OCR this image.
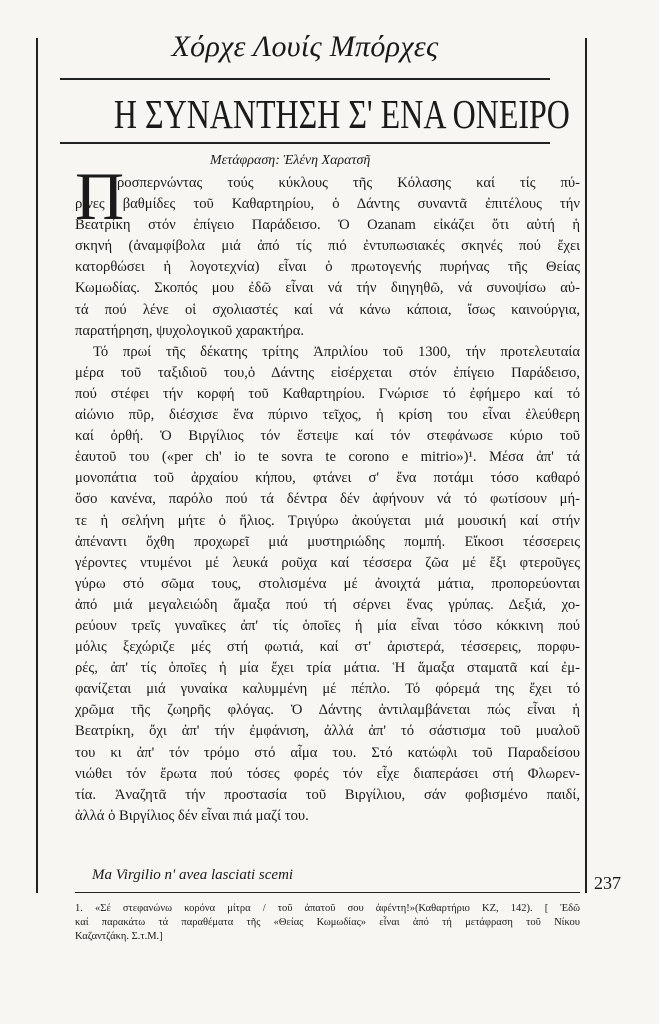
Χόρχε Λουίς Μπόρχες
Η ΣΥΝΑΝΤΗΣΗ Σ' ΕΝΑ ΟΝΕΙΡΟ
Μετάφραση: Ἑλένη Χαρατσῆ
Π
ροσπερνώντας τούς κύκλους τῆς Κόλασης καί τίς πύ-
ρινες βαθμίδες τοῦ Καθαρτηρίου, ὁ Δάντης συναντᾶ ἐπιτέλους τήν
Βεατρίκη στόν ἐπίγειο Παράδεισο. Ὁ Ozanam εἰκάζει ὅτι αὐτή ἡ
σκηνή (ἀναμφίβολα μιά ἀπό τίς πιό ἐντυπωσιακές σκηνές πού ἔχει
κατορθώσει ἡ λογοτεχνία) εἶναι ὁ πρωτογενής πυρήνας τῆς Θείας
Κωμωδίας. Σκοπός μου ἐδῶ εἶναι νά τήν διηγηθῶ, νά συνοψίσω αὐ-
τά πού λένε οἱ σχολιαστές καί νά κάνω κάποια, ἴσως καινούργια,
παρατήρηση, ψυχολογικοῦ χαρακτήρα.
Τό πρωί τῆς δέκατης τρίτης Ἀπριλίου τοῦ 1300, τήν προτελευταία
μέρα τοῦ ταξιδιοῦ του,ὁ Δάντης εἰσέρχεται στόν ἐπίγειο Παράδεισο,
πού στέφει τήν κορφή τοῦ Καθαρτηρίου. Γνώρισε τό ἐφήμερο καί τό
αἰώνιο πῦρ, διέσχισε ἕνα πύρινο τεῖχος, ἡ κρίση του εἶναι ἐλεύθερη
καί ὀρθή. Ὁ Βιργίλιος τόν ἔστεψε καί τόν στεφάνωσε κύριο τοῦ
ἑαυτοῦ του («per ch' io te sovra te corono e mitrio»)¹. Μέσα ἀπ' τά
μονοπάτια τοῦ ἀρχαίου κήπου, φτάνει σ' ἕνα ποτάμι τόσο καθαρό
ὅσο κανένα, παρόλο πού τά δέντρα δέν ἀφήνουν νά τό φωτίσουν μή-
τε ἡ σελήνη μήτε ὁ ἥλιος. Τριγύρω ἀκούγεται μιά μουσική καί στήν
ἀπέναντι ὄχθη προχωρεῖ μιά μυστηριώδης πομπή. Εἴκοσι τέσσερεις
γέροντες ντυμένοι μέ λευκά ροῦχα καί τέσσερα ζῶα μέ ἔξι φτεροῦγες
γύρω στό σῶμα τους, στολισμένα μέ ἀνοιχτά μάτια, προπορεύονται
ἀπό μιά μεγαλειώδη ἅμαξα πού τή σέρνει ἕνας γρύπας. Δεξιά, χο-
ρεύουν τρεῖς γυναῖκες ἀπ' τίς ὁποῖες ἡ μία εἶναι τόσο κόκκινη πού
μόλις ξεχώριζε μές στή φωτιά, καί στ' ἀριστερά, τέσσερεις, πορφυ-
ρές, ἀπ' τίς ὁποῖες ἡ μία ἔχει τρία μάτια. Ἡ ἅμαξα σταματᾶ καί ἐμ-
φανίζεται μιά γυναίκα καλυμμένη μέ πέπλο. Τό φόρεμά της ἔχει τό
χρῶμα τῆς ζωηρῆς φλόγας. Ὁ Δάντης ἀντιλαμβάνεται πώς εἶναι ἡ
Βεατρίκη, ὄχι ἀπ' τήν ἐμφάνιση, ἀλλά ἀπ' τό σάστισμα τοῦ μυαλοῦ
του κι ἀπ' τόν τρόμο στό αἷμα του. Στό κατώφλι τοῦ Παραδείσου
νιώθει τόν ἔρωτα πού τόσες φορές τόν εἶχε διαπεράσει στή Φλωρεν-
τία. Ἀναζητᾶ τήν προστασία τοῦ Βιργίλιου, σάν φοβισμένο παιδί,
ἀλλά ὁ Βιργίλιος δέν εἶναι πιά μαζί του.
Ma Virgilio n' avea lasciati scemi	237
1. «Σέ στεφανώνω κορόνα μίτρα / τοῦ ἀπατοῦ σου ἀφέντη!»(Καθαρτήριο ΚΖ, 142). [ Ἐδῶ
καί παρακάτω τά παραθέματα τῆς «Θείας Κωμωδίας» εἶναι ἀπό τή μετάφραση τοῦ Νίκου
Καζαντζάκη. Σ.τ.Μ.]
